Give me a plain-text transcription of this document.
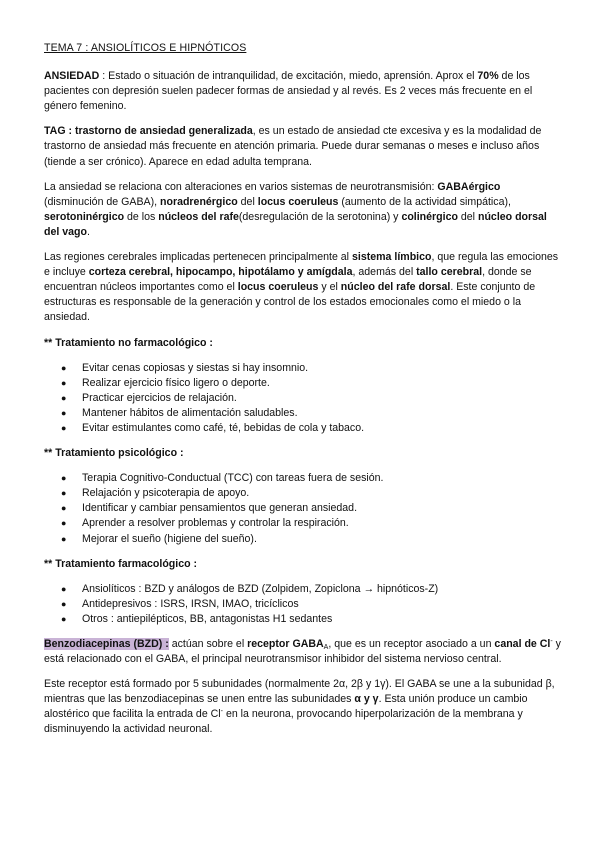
TEMA 7 : ANSIOLÍTICOS E HIPNÓTICOS

ANSIEDAD : Estado o situación de intranquilidad, de excitación, miedo, aprensión. Aprox el 70% de los pacientes con depresión suelen padecer formas de ansiedad y al revés. Es 2 veces más frecuente en el género femenino.

TAG : trastorno de ansiedad generalizada, es un estado de ansiedad cte excesiva y es la modalidad de trastorno de ansiedad más frecuente en atención primaria. Puede durar semanas o meses e incluso años (tiende a ser crónico). Aparece en edad adulta temprana.

La ansiedad se relaciona con alteraciones en varios sistemas de neurotransmisión: GABAérgico (disminución de GABA), noradrenérgico del locus coeruleus (aumento de la actividad simpática), serotoninérgico de los núcleos del rafe(desregulación de la serotonina) y colinérgico del núcleo dorsal del vago.

Las regiones cerebrales implicadas pertenecen principalmente al sistema límbico, que regula las emociones e incluye corteza cerebral, hipocampo, hipotálamo y amígdala, además del tallo cerebral, donde se encuentran núcleos importantes como el locus coeruleus y el núcleo del rafe dorsal. Este conjunto de estructuras es responsable de la generación y control de los estados emocionales como el miedo o la ansiedad.

** Tratamiento no farmacológico :
● Evitar cenas copiosas y siestas si hay insomnio.
● Realizar ejercicio físico ligero o deporte.
● Practicar ejercicios de relajación.
● Mantener hábitos de alimentación saludables.
● Evitar estimulantes como café, té, bebidas de cola y tabaco.
** Tratamiento psicológico :
● Terapia Cognitivo-Conductual (TCC) con tareas fuera de sesión.
● Relajación y psicoterapia de apoyo.
● Identificar y cambiar pensamientos que generan ansiedad.
● Aprender a resolver problemas y controlar la respiración.
● Mejorar el sueño (higiene del sueño).
** Tratamiento farmacológico :
● Ansiolíticos : BZD y análogos de BZD (Zolpidem, Zopiclona → hipnóticos-Z)
● Antidepresivos : ISRS, IRSN, IMAO, tricíclicos
● Otros : antiepilépticos, BB, antagonistas H1 sedantes

Benzodiacepinas (BZD) : actúan sobre el receptor $GABA_A$, que es un receptor asociado a un canal de Cl- y está relacionado con el GABA, el principal neurotransmisor inhibidor del sistema nervioso central.

Este receptor está formado por 5 subunidades (normalmente 2α, 2β y 1γ). El GABA se une a la subunidad β, mientras que las benzodiacepinas se unen entre las subunidades α y γ. Esta unión produce un cambio alostérico que facilita la entrada de Cl- en la neurona, provocando hiperpolarización de la membrana y disminuyendo la actividad neuronal.
